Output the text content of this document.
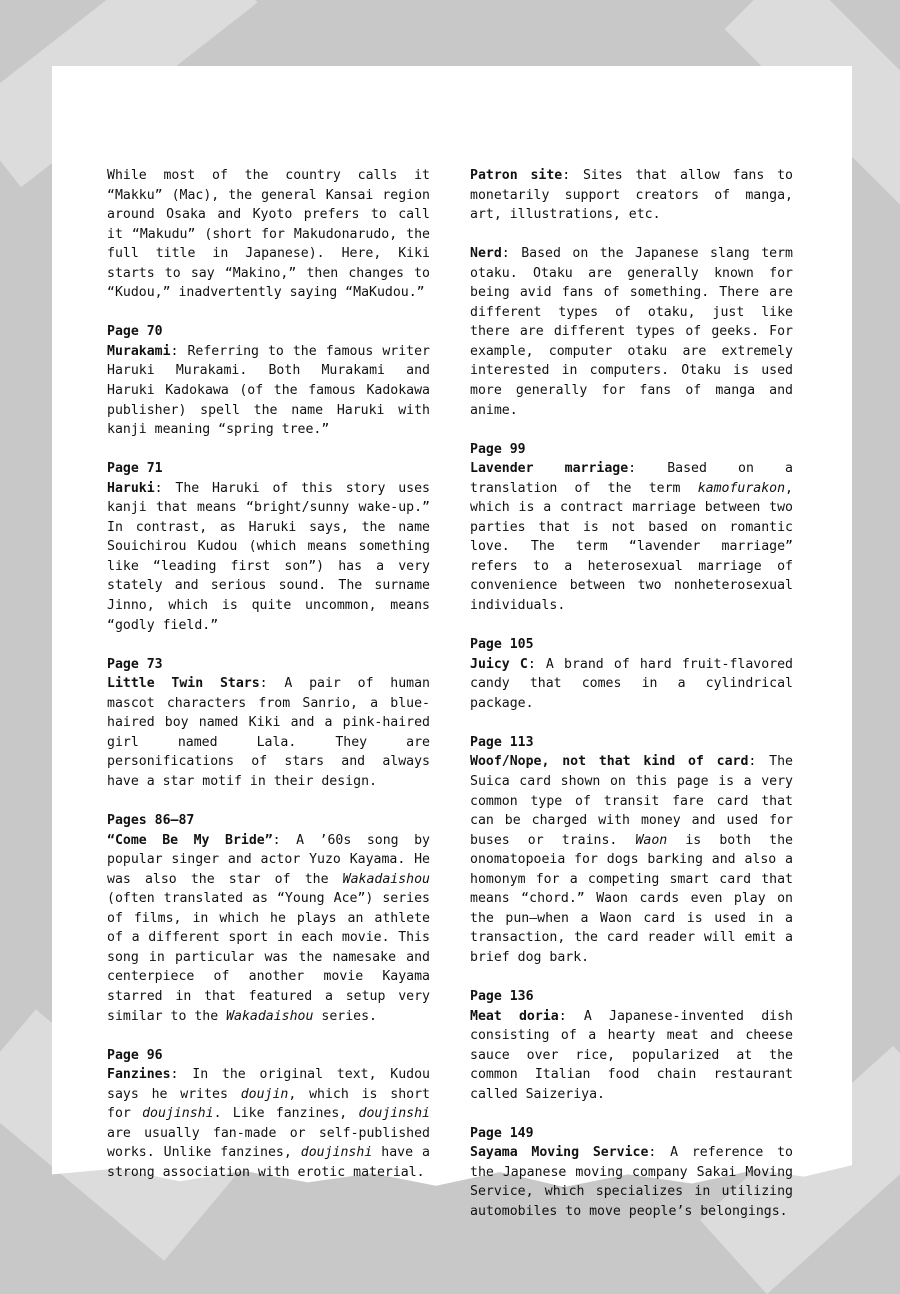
While most of the country calls it “Makku” (Mac), the general Kansai region around Osaka and Kyoto prefers to call it “Makudu” (short for Makudonarudo, the full title in Japanese). Here, Kiki starts to say “Makino,” then changes to “Kudou,” inadvertently saying “MaKudou.”

Page 70

Murakami: Referring to the famous writer Haruki Murakami. Both Murakami and Haruki Kadokawa (of the famous Kadokawa publisher) spell the name Haruki with kanji meaning “spring tree.”

Page 71

Haruki: The Haruki of this story uses kanji that means “bright/sunny wake-up.” In contrast, as Haruki says, the name Souichirou Kudou (which means something like “leading first son”) has a very stately and serious sound. The surname Jinno, which is quite uncommon, means “godly field.”

Page 73

Little Twin Stars: A pair of human mascot characters from Sanrio, a blue-haired boy named Kiki and a pink-haired girl named Lala. They are personifications of stars and always have a star motif in their design.

Pages 86–87

“Come Be My Bride”: A ’60s song by popular singer and actor Yuzo Kayama. He was also the star of the Wakadaishou (often translated as “Young Ace”) series of films, in which he plays an athlete of a different sport in each movie. This song in particular was the namesake and centerpiece of another movie Kayama starred in that featured a setup very similar to the Wakadaishou series.

Page 96

Fanzines: In the original text, Kudou says he writes doujin, which is short for doujinshi. Like fanzines, doujinshi are usually fan-made or self-published works. Unlike fanzines, doujinshi have a strong association with erotic material.

Patron site: Sites that allow fans to monetarily support creators of manga, art, illustrations, etc.

Nerd: Based on the Japanese slang term otaku. Otaku are generally known for being avid fans of something. There are different types of otaku, just like there are different types of geeks. For example, computer otaku are extremely interested in computers. Otaku is used more generally for fans of manga and anime.

Page 99

Lavender marriage: Based on a translation of the term kamofurakon, which is a contract marriage between two parties that is not based on romantic love. The term “lavender marriage” refers to a heterosexual marriage of convenience between two nonheterosexual individuals.

Page 105

Juicy C: A brand of hard fruit-flavored candy that comes in a cylindrical package.

Page 113

Woof/Nope, not that kind of card: The Suica card shown on this page is a very common type of transit fare card that can be charged with money and used for buses or trains. Waon is both the onomatopoeia for dogs barking and also a homonym for a competing smart card that means “chord.” Waon cards even play on the pun—when a Waon card is used in a transaction, the card reader will emit a brief dog bark.

Page 136

Meat doria: A Japanese-invented dish consisting of a hearty meat and cheese sauce over rice, popularized at the common Italian food chain restaurant called Saizeriya.

Page 149

Sayama Moving Service: A reference to the Japanese moving company Sakai Moving Service, which specializes in utilizing automobiles to move people’s belongings.
